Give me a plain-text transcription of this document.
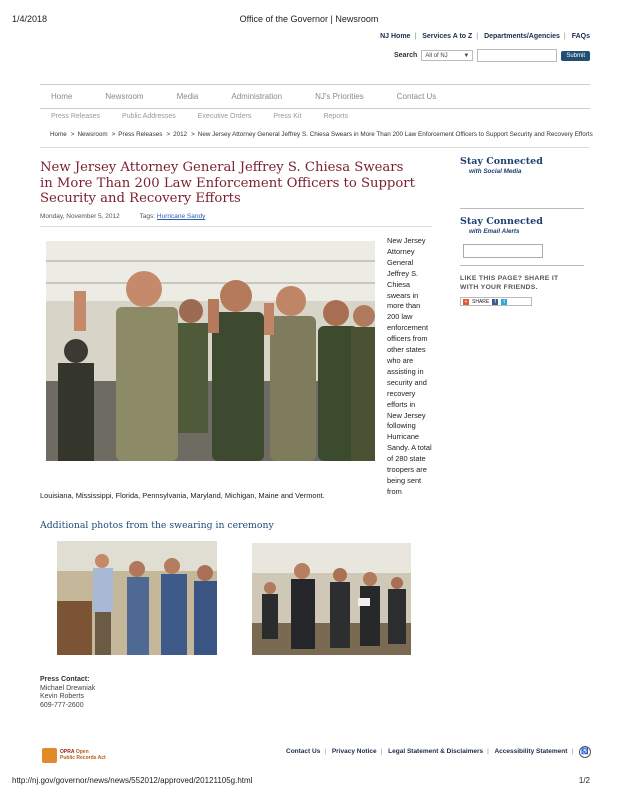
1/4/2018	Office of the Governor | Newsroom
NJ Home | Services A to Z | Departments/Agencies | FAQs
Search All of NJ	▼	Submit
Home	Newsroom	Media	Administration	NJ's Priorities	Contact Us
Press Releases	Public Addresses	Executive Orders	Press Kit	Reports
Home > Newsroom > Press Releases > 2012 > New Jersey Attorney General Jeffrey S. Chiesa Swears in More Than 200 Law Enforcement Officers to Support Security and Recovery Efforts
New Jersey Attorney General Jeffrey S. Chiesa Swears in More Than 200 Law Enforcement Officers to Support Security and Recovery Efforts
Monday, November 5, 2012	Tags: Hurricane Sandy
New Jersey Attorney General Jeffrey S. Chiesa swears in more than 200 law enforcement officers from other states who are assisting in security and recovery efforts in New Jersey following Hurricane Sandy. A total of 280 state troopers are being sent from
Louisiana, Mississippi, Florida, Pennsylvania, Maryland, Michigan, Maine and Vermont.
Additional photos from the swearing in ceremony
Press Contact:
Michael Drewniak
Kevin Roberts
609-777-2600
Stay Connected
with Social Media
Stay Connected
with Email Alerts
LIKE THIS PAGE? SHARE IT
WITH YOUR FRIENDS.
+ SHARE	f	t
OPRA Open
Public Records Act
Contact Us | Privacy Notice | Legal Statement & Disclaimers | Accessibility Statement |	♿
http://nj.gov/governor/news/news/552012/approved/20121105g.html	1/2
